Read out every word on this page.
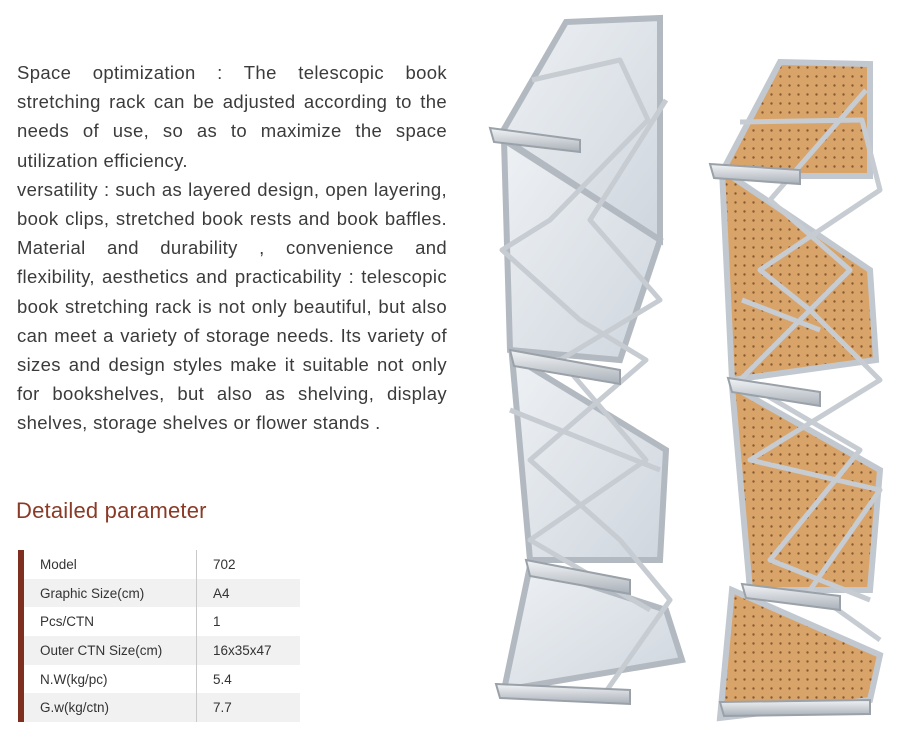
Space optimization : The telescopic book stretching rack can be adjusted according to the needs of use, so as to maximize the space utilization efficiency.

versatility : such as layered design, open layering, book clips, stretched book rests and book baffles. Material and durability , convenience and flexibility, aesthetics and practicability : telescopic book stretching rack is not only beautiful, but also can meet a variety of storage needs. Its variety of sizes and design styles make it suitable not only for bookshelves, but also as shelving, display shelves, storage shelves or flower stands .

Detailed parameter
Model	702
Graphic Size(cm)	A4
Pcs/CTN	1
Outer CTN Size(cm)	16x35x47
N.W(kg/pc)	5.4
G.w(kg/ctn)	7.7
